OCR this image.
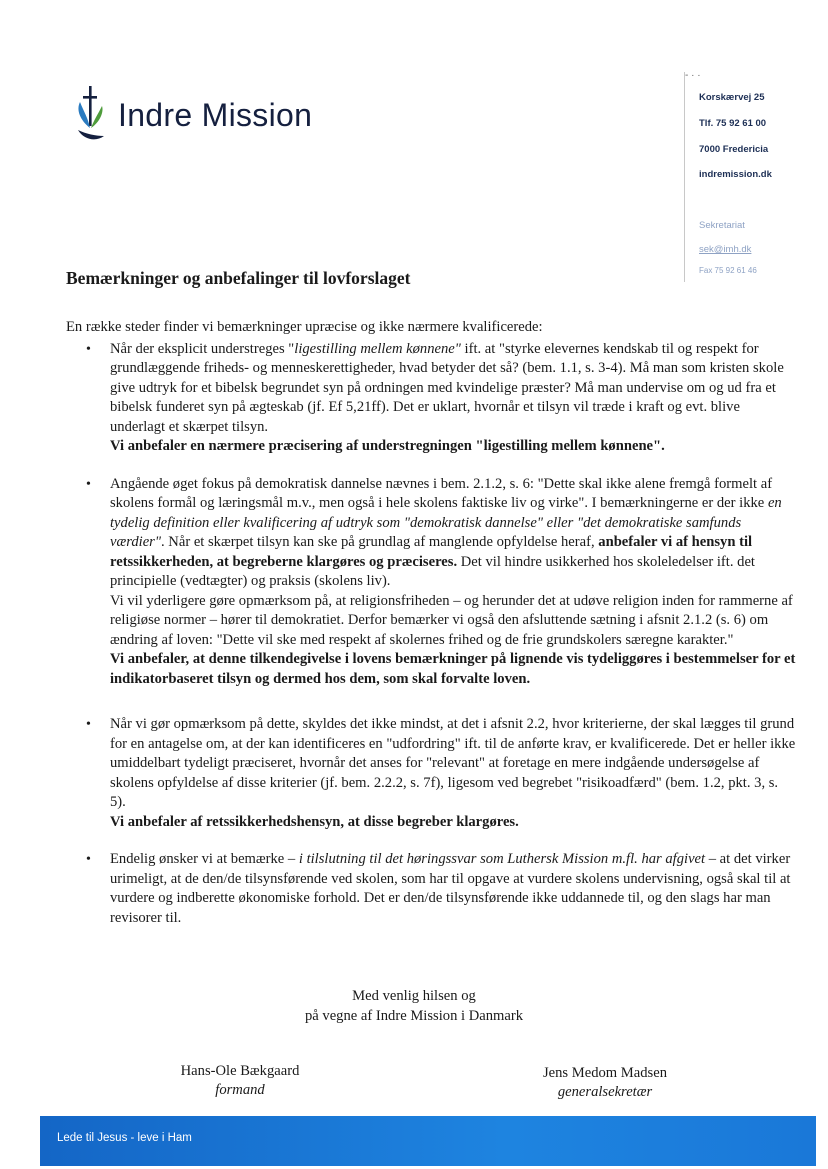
Indre Mission
- · ·
Korskærvej 25
Tlf. 75 92 61 00
7000 Fredericia
indremission.dk
Sekretariat
sek@imh.dk
Fax 75 92 61 46
Bemærkninger og anbefalinger til lovforslaget

En række steder finder vi bemærkninger upræcise og ikke nærmere kvalificerede:

• Når der eksplicit understreges "ligestilling mellem kønnene" ift. at "styrke elevernes kendskab til og respekt for grundlæggende friheds- og menneskerettigheder, hvad betyder det så? (bem. 1.1, s. 3-4). Må man som kristen skole give udtryk for et bibelsk begrundet syn på ordningen med kvindelige præster? Må man undervise om og ud fra et bibelsk funderet syn på ægteskab (jf. Ef 5,21ff). Det er uklart, hvornår et tilsyn vil træde i kraft og evt. blive underlagt et skærpet tilsyn.
Vi anbefaler en nærmere præcisering af understregningen "ligestilling mellem kønnene".
• Angående øget fokus på demokratisk dannelse nævnes i bem. 2.1.2, s. 6: "Dette skal ikke alene fremgå formelt af skolens formål og læringsmål m.v., men også i hele skolens faktiske liv og virke". I bemærkningerne er der ikke en tydelig definition eller kvalificering af udtryk som "demokratisk dannelse" eller "det demokratiske samfunds værdier". Når et skærpet tilsyn kan ske på grundlag af manglende opfyldelse heraf, anbefaler vi af hensyn til retssikkerheden, at begreberne klargøres og præciseres. Det vil hindre usikkerhed hos skoleledelser ift. det principielle (vedtægter) og praksis (skolens liv).
Vi vil yderligere gøre opmærksom på, at religionsfriheden – og herunder det at udøve religion inden for rammerne af religiøse normer – hører til demokratiet. Derfor bemærker vi også den afsluttende sætning i afsnit 2.1.2 (s. 6) om ændring af loven: "Dette vil ske med respekt af skolernes frihed og de frie grundskolers særegne karakter."
Vi anbefaler, at denne tilkendegivelse i lovens bemærkninger på lignende vis tydeliggøres i bestemmelser for et indikatorbaseret tilsyn og dermed hos dem, som skal forvalte loven.
• Når vi gør opmærksom på dette, skyldes det ikke mindst, at det i afsnit 2.2, hvor kriterierne, der skal lægges til grund for en antagelse om, at der kan identificeres en "udfordring" ift. til de anførte krav, er kvalificerede. Det er heller ikke umiddelbart tydeligt præciseret, hvornår det anses for "relevant" at foretage en mere indgående undersøgelse af skolens opfyldelse af disse kriterier (jf. bem. 2.2.2, s. 7f), ligesom ved begrebet "risikoadfærd" (bem. 1.2, pkt. 3, s. 5).
Vi anbefaler af retssikkerhedshensyn, at disse begreber klargøres.
• Endelig ønsker vi at bemærke – i tilslutning til det høringssvar som Luthersk Mission m.fl. har afgivet – at det virker urimeligt, at de den/de tilsynsførende ved skolen, som har til opgave at vurdere skolens undervisning, også skal til at vurdere og indberette økonomiske forhold. Det er den/de tilsynsførende ikke uddannede til, og den slags har man revisorer til.
Med venlig hilsen og
på vegne af Indre Mission i Danmark
Hans-Ole Bækgaard
formand
Jens Medom Madsen
generalsekretær
Lede til Jesus - leve i Ham
